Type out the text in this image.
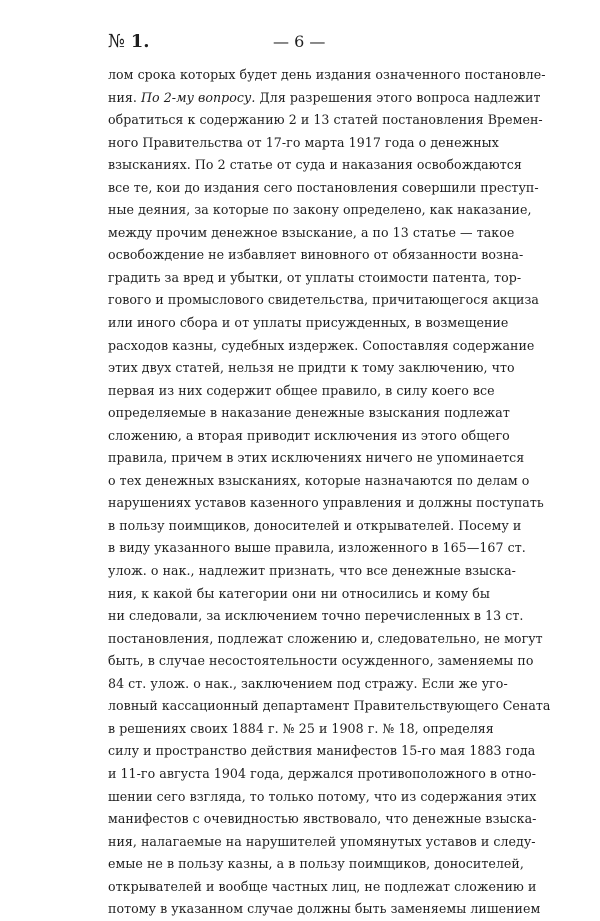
№ 1.	— 6 —
лом срока которых будет день издания означенного постановле-
ния. По 2-му вопросу. Для разрешения этого вопроса надлежит
обратиться к содержанию 2 и 13 статей постановления Времен-
ного Правительства от 17-го марта 1917 года о денежных
взысканиях. По 2 статье от суда и наказания освобождаются
все те, кои до издания сего постановления совершили преступ-
ные деяния, за которые по закону определено, как наказание,
между прочим денежное взыскание, а по 13 статье — такое
освобождение не избавляет виновного от обязанности возна-
градить за вред и убытки, от уплаты стоимости патента, тор-
гового и промыслового свидетельства, причитающегося акциза
или иного сбора и от уплаты присужденных, в возмещение
расходов казны, судебных издержек. Сопоставляя содержание
этих двух статей, нельзя не придти к тому заключению, что
первая из них содержит общее правило, в силу коего все
определяемые в наказание денежные взыскания подлежат
сложению, а вторая приводит исключения из этого общего
правила, причем в этих исключениях ничего не упоминается
о тех денежных взысканиях, которые назначаются по делам о
нарушениях уставов казенного управления и должны поступать
в пользу поимщиков, доносителей и открывателей. Посему и
в виду указанного выше правила, изложенного в 165—167 ст.
улож. о нак., надлежит признать, что все денежные взыска-
ния, к какой бы категории они ни относились и кому бы
ни следовали, за исключением точно перечисленных в 13 ст.
постановления, подлежат сложению и, следовательно, не могут
быть, в случае несостоятельности осужденного, заменяемы по
84 ст. улож. о нак., заключением под стражу. Если же уго-
ловный кассационный департамент Правительствующего Сената
в решениях своих 1884 г. № 25 и 1908 г. № 18, определяя
силу и пространство действия манифестов 15-го мая 1883 года
и 11-го августа 1904 года, держался противоположного в отно-
шении сего взгляда, то только потому, что из содержания этих
манифестов с очевидностью явствовало, что денежные взыска-
ния, налагаемые на нарушителей упомянутых уставов и следу-
емые не в пользу казны, а в пользу поимщиков, доносителей,
открывателей и вообще частных лиц, не подлежат сложению и
потому в указанном случае должны быть заменяемы лишением
